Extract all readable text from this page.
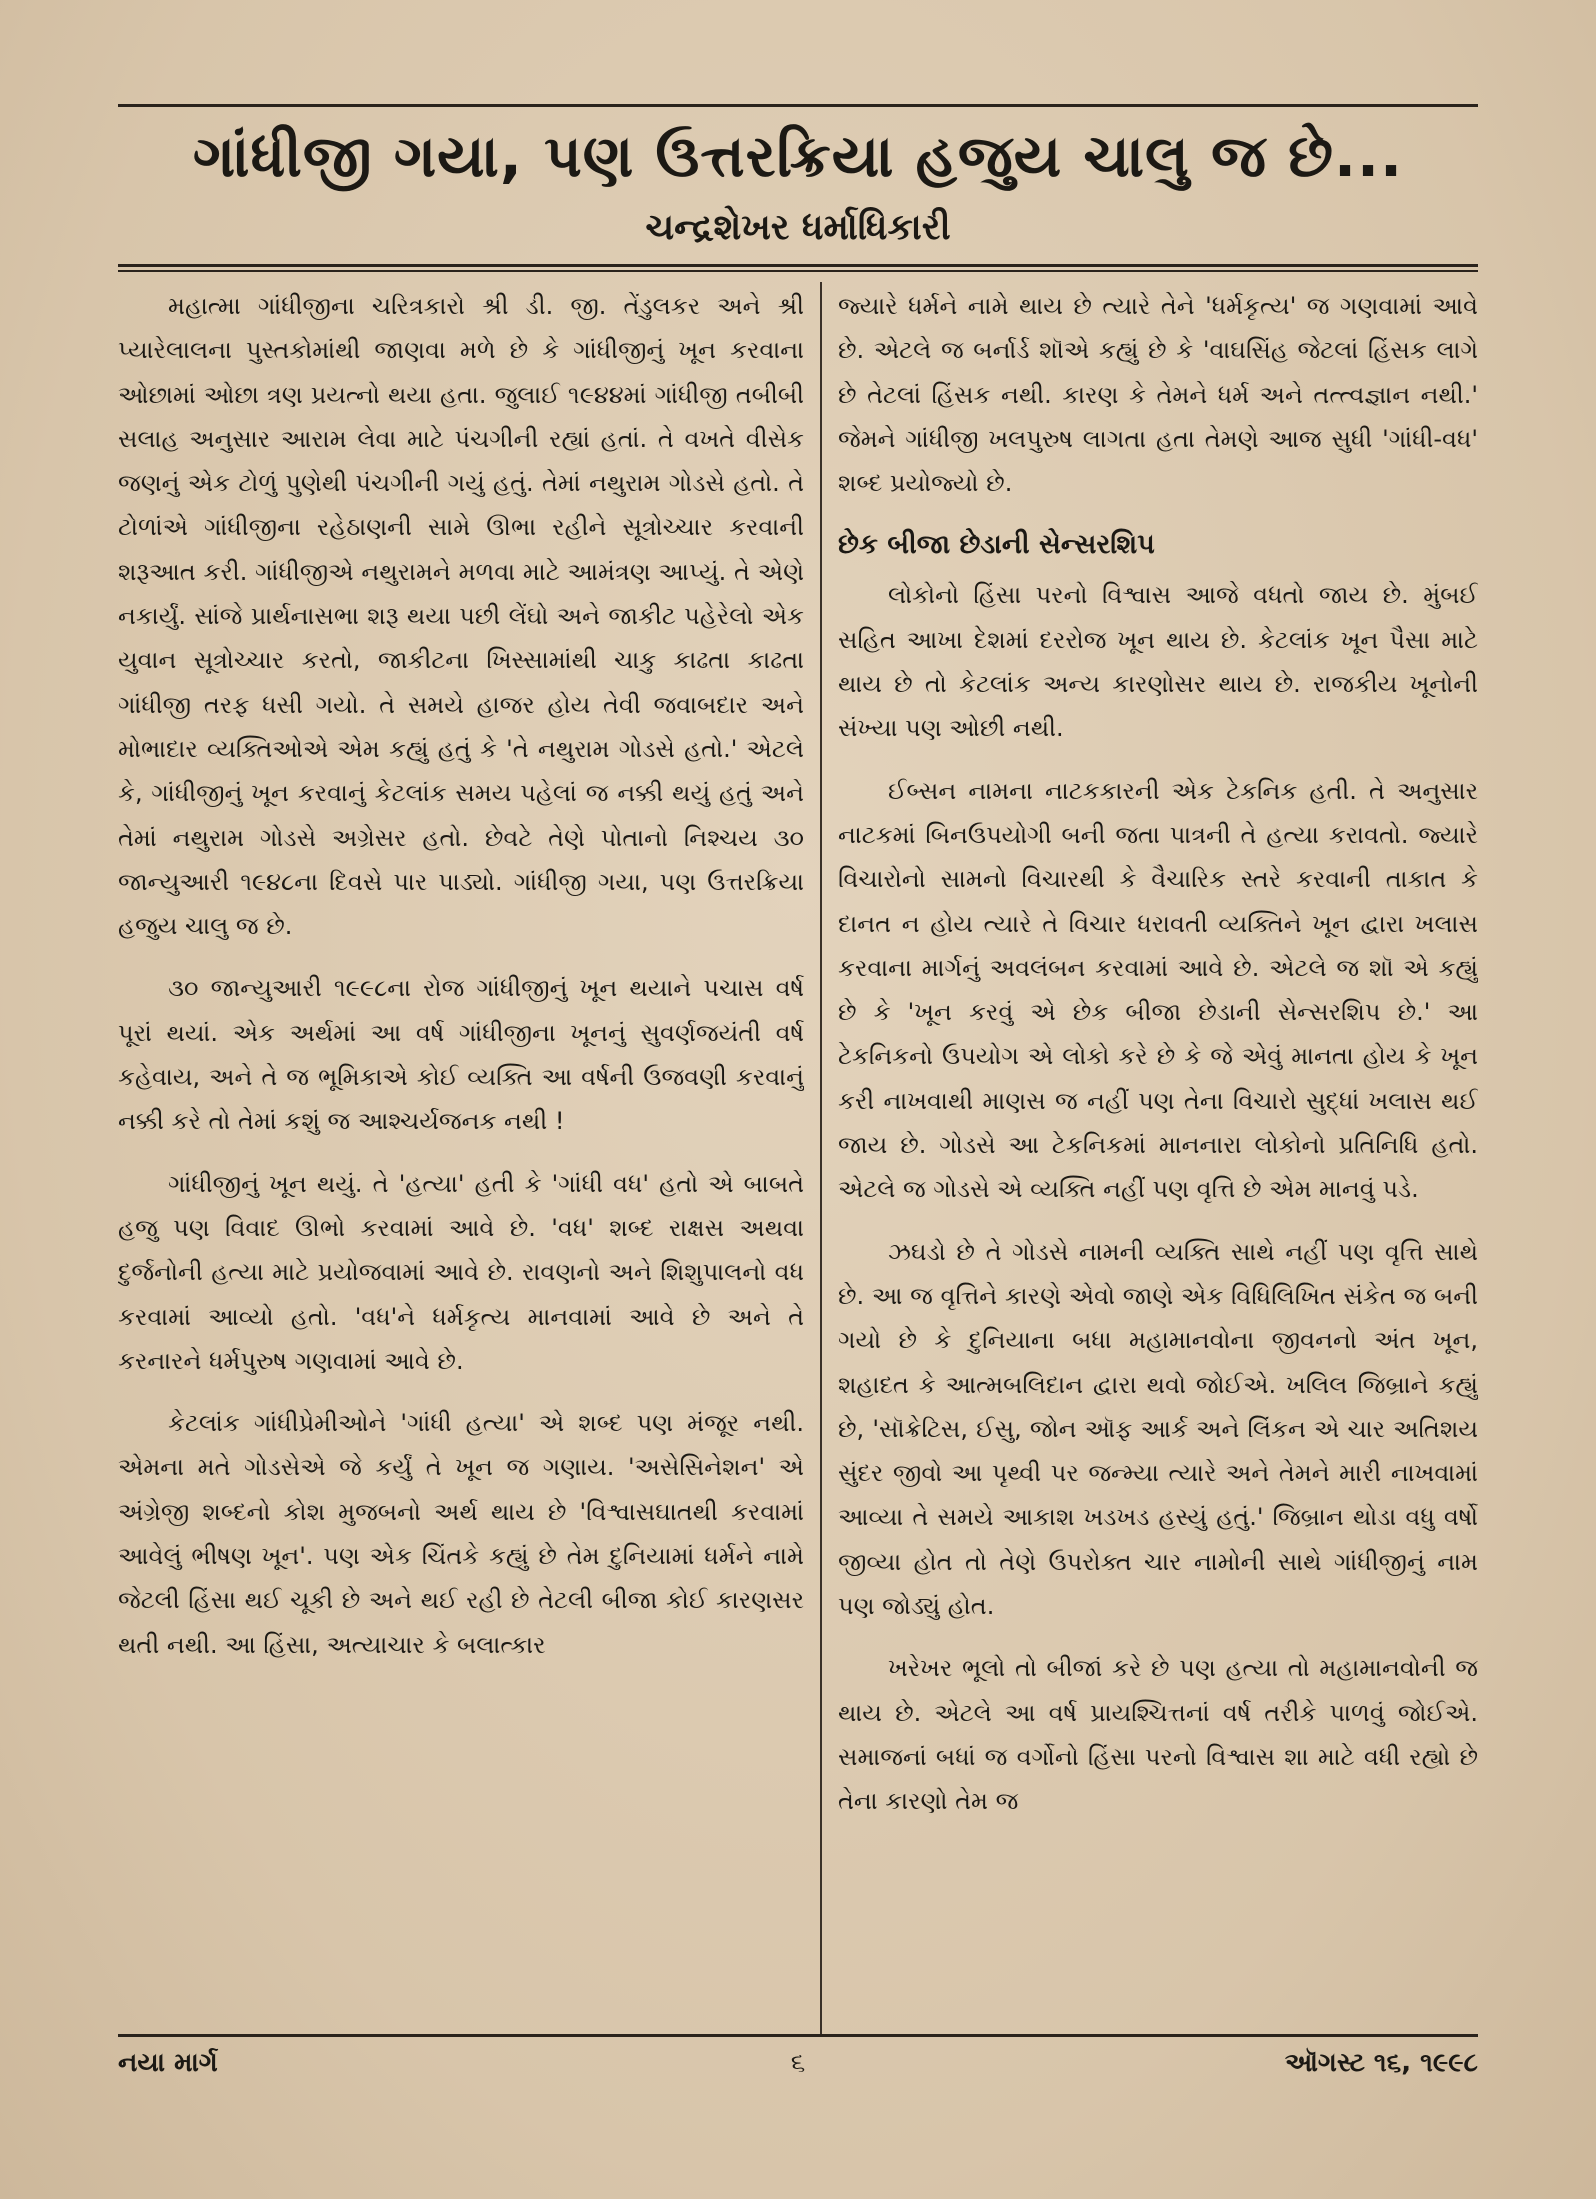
ગાંધીજી ગયા, પણ ઉત્તરક્રિયા હજુય ચાલુ જ છે...
ચન્દ્રશેખર ધર્માધિકારી

મહાત્મા ગાંધીજીના ચરિત્રકારો શ્રી ડી. જી. તેંડુલકર અને શ્રી પ્યારેલાલના પુસ્તકોમાંથી જાણવા મળે છે કે ગાંધીજીનું ખૂન કરવાના ઓછામાં ઓછા ત્રણ પ્રયત્નો થયા હતા. જુલાઈ ૧૯૪૪માં ગાંધીજી તબીબી સલાહ અનુસાર આરામ લેવા માટે પંચગીની રહ્યાં હતાં. તે વખતે વીસેક જણનું એક ટોળું પુણેથી પંચગીની ગયું હતું. તેમાં નથુરામ ગોડસે હતો. તે ટોળાંએ ગાંધીજીના રહેઠાણની સામે ઊભા રહીને સૂત્રોચ્ચાર કરવાની શરૂઆત કરી. ગાંધીજીએ નથુરામને મળવા માટે આમંત્રણ આપ્યું. તે એણે નકાર્યું. સાંજે પ્રાર્થનાસભા શરૂ થયા પછી લેંઘો અને જાકીટ પહેરેલો એક યુવાન સૂત્રોચ્ચાર કરતો, જાકીટના ખિસ્સામાંથી ચાકુ કાઢતા કાઢતા ગાંધીજી તરફ ધસી ગયો. તે સમયે હાજર હોય તેવી જવાબદાર અને મોભાદાર વ્યક્તિઓએ એમ કહ્યું હતું કે 'તે નથુરામ ગોડસે હતો.' એટલે કે, ગાંધીજીનું ખૂન કરવાનું કેટલાંક સમય પહેલાં જ નક્કી થયું હતું અને તેમાં નથુરામ ગોડસે અગ્રેસર હતો. છેવટે તેણે પોતાનો નિશ્ચય ૩૦ જાન્યુઆરી ૧૯૪૮ના દિવસે પાર પાડ્યો. ગાંધીજી ગયા, પણ ઉત્તરક્રિયા હજુય ચાલુ જ છે.

૩૦ જાન્યુઆરી ૧૯૯૮ના રોજ ગાંધીજીનું ખૂન થયાને પચાસ વર્ષ પૂરાં થયાં. એક અર્થમાં આ વર્ષ ગાંધીજીના ખૂનનું સુવર્ણજયંતી વર્ષ કહેવાય, અને તે જ ભૂમિકાએ કોઈ વ્યક્તિ આ વર્ષની ઉજવણી કરવાનું નક્કી કરે તો તેમાં કશું જ આશ્ચર્યજનક નથી !

ગાંધીજીનું ખૂન થયું. તે 'હત્યા' હતી કે 'ગાંધી વધ' હતો એ બાબતે હજુ પણ વિવાદ ઊભો કરવામાં આવે છે. 'વધ' શબ્દ રાક્ષસ અથવા દુર્જનોની હત્યા માટે પ્રયોજવામાં આવે છે. રાવણનો અને શિશુપાલનો વધ કરવામાં આવ્યો હતો. 'વધ'ને ધર્મકૃત્ય માનવામાં આવે છે અને તે કરનારને ધર્મપુરુષ ગણવામાં આવે છે.

કેટલાંક ગાંધીપ્રેમીઓને 'ગાંધી હત્યા' એ શબ્દ પણ મંજૂર નથી. એમના મતે ગોડસેએ જે કર્યું તે ખૂન જ ગણાય. 'અસેસિનેશન' એ અંગ્રેજી શબ્દનો કોશ મુજબનો અર્થ થાય છે 'વિશ્વાસઘાતથી કરવામાં આવેલું ભીષણ ખૂન'. પણ એક ચિંતકે કહ્યું છે તેમ દુનિયામાં ધર્મને નામે જેટલી હિંસા થઈ ચૂકી છે અને થઈ રહી છે તેટલી બીજા કોઈ કારણસર થતી નથી. આ હિંસા, અત્યાચાર કે બલાત્કાર

જ્યારે ધર્મને નામે થાય છે ત્યારે તેને 'ધર્મકૃત્ય' જ ગણવામાં આવે છે. એટલે જ બર્નાર્ડ શૉએ કહ્યું છે કે 'વાઘસિંહ જેટલાં હિંસક લાગે છે તેટલાં હિંસક નથી. કારણ કે તેમને ધર્મ અને તત્ત્વજ્ઞાન નથી.' જેમને ગાંધીજી ખલપુરુષ લાગતા હતા તેમણે આજ સુધી 'ગાંધી-વધ' શબ્દ પ્રયોજ્યો છે.

છેક બીજા છેડાની સેન્સરશિપ

લોકોનો હિંસા પરનો વિશ્વાસ આજે વધતો જાય છે. મુંબઈ સહિત આખા દેશમાં દરરોજ ખૂન થાય છે. કેટલાંક ખૂન પૈસા માટે થાય છે તો કેટલાંક અન્ય કારણોસર થાય છે. રાજકીય ખૂનોની સંખ્યા પણ ઓછી નથી.

ઈબ્સન નામના નાટકકારની એક ટેકનિક હતી. તે અનુસાર નાટકમાં બિનઉપયોગી બની જતા પાત્રની તે હત્યા કરાવતો. જ્યારે વિચારોનો સામનો વિચારથી કે વૈચારિક સ્તરે કરવાની તાકાત કે દાનત ન હોય ત્યારે તે વિચાર ધરાવતી વ્યક્તિને ખૂન દ્વારા ખલાસ કરવાના માર્ગનું અવલંબન કરવામાં આવે છે. એટલે જ શૉ એ કહ્યું છે કે 'ખૂન કરવું એ છેક બીજા છેડાની સેન્સરશિપ છે.' આ ટેકનિકનો ઉપયોગ એ લોકો કરે છે કે જે એવું માનતા હોય કે ખૂન કરી નાખવાથી માણસ જ નહીં પણ તેના વિચારો સુદ્ધાં ખલાસ થઈ જાય છે. ગોડસે આ ટેકનિકમાં માનનારા લોકોનો પ્રતિનિધિ હતો. એટલે જ ગોડસે એ વ્યક્તિ નહીં પણ વૃત્તિ છે એમ માનવું પડે.

ઝઘડો છે તે ગોડસે નામની વ્યક્તિ સાથે નહીં પણ વૃત્તિ સાથે છે. આ જ વૃત્તિને કારણે એવો જાણે એક વિધિલિખિત સંકેત જ બની ગયો છે કે દુનિયાના બધા મહામાનવોના જીવનનો અંત ખૂન, શહાદત કે આત્મબલિદાન દ્વારા થવો જોઈએ. ખલિલ જિબ્રાને કહ્યું છે, 'સૉક્રેટિસ, ઈસુ, જોન ઑફ આર્ક અને લિંકન એ ચાર અતિશય સુંદર જીવો આ પૃથ્વી પર જન્મ્યા ત્યારે અને તેમને મારી નાખવામાં આવ્યા તે સમયે આકાશ ખડખડ હસ્યું હતું.' જિબ્રાન થોડા વધુ વર્ષો જીવ્યા હોત તો તેણે ઉપરોક્ત ચાર નામોની સાથે ગાંધીજીનું નામ પણ જોડ્યું હોત.

ખરેખર ભૂલો તો બીજાં કરે છે પણ હત્યા તો મહામાનવોની જ થાય છે. એટલે આ વર્ષ પ્રાયશ્ચિત્તનાં વર્ષ તરીકે પાળવું જોઈએ. સમાજનાં બધાં જ વર્ગોનો હિંસા પરનો વિશ્વાસ શા માટે વધી રહ્યો છે તેના કારણો તેમ જ

નયા માર્ગ	૬	ઑગસ્ટ ૧૬, ૧૯૯૮
